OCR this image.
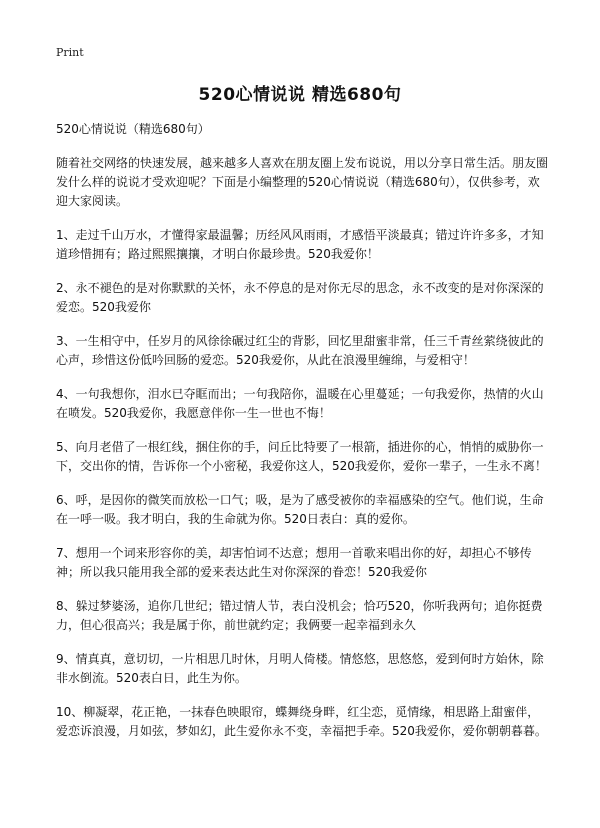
Print
520心情说说 精选680句

520心情说说（精选680句）

随着社交网络的快速发展，越来越多人喜欢在朋友圈上发布说说，用以分享日常生活。朋友圈发什么样的说说才受欢迎呢？下面是小编整理的520心情说说（精选680句），仅供参考，欢迎大家阅读。

1、走过千山万水，才懂得家最温馨；历经风风雨雨，才感悟平淡最真；错过许许多多，才知道珍惜拥有；路过熙熙攘攘，才明白你最珍贵。520我爱你！

2、永不褪色的是对你默默的关怀，永不停息的是对你无尽的思念，永不改变的是对你深深的爱恋。520我爱你

3、一生相守中，任岁月的风徐徐碾过红尘的背影，回忆里甜蜜非常，任三千青丝萦绕彼此的心声，珍惜这份低吟回肠的爱恋。520我爱你，从此在浪漫里缠绵，与爱相守！

4、一句我想你，泪水已夺眶而出；一句我陪你，温暖在心里蔓延；一句我爱你，热情的火山在喷发。520我爱你，我愿意伴你一生一世也不悔！

5、向月老借了一根红线，捆住你的手，问丘比特要了一根箭，插进你的心，悄悄的威胁你一下，交出你的情，告诉你一个小密秘，我爱你这人，520我爱你，爱你一辈子，一生永不离！

6、呼，是因你的微笑而放松一口气；吸，是为了感受被你的幸福感染的空气。他们说，生命在一呼一吸。我才明白，我的生命就为你。520日表白：真的爱你。

7、想用一个词来形容你的美，却害怕词不达意；想用一首歌来唱出你的好，却担心不够传神；所以我只能用我全部的爱来表达此生对你深深的眷恋！520我爱你

8、躲过梦婆汤，追你几世纪；错过情人节，表白没机会；恰巧520，你听我两句；追你挺费力，但心很高兴；我是属于你，前世就约定；我俩要一起幸福到永久

9、情真真，意切切，一片相思几时休，月明人倚楼。情悠悠，思悠悠，爱到何时方始休，除非水倒流。520表白日，此生为你。

10、柳凝翠，花正艳，一抹春色映眼帘，蝶舞绕身畔，红尘恋，觅情缘，相思路上甜蜜伴，爱恋诉浪漫，月如弦，梦如幻，此生爱你永不变，幸福把手牵。520我爱你，爱你朝朝暮暮。
